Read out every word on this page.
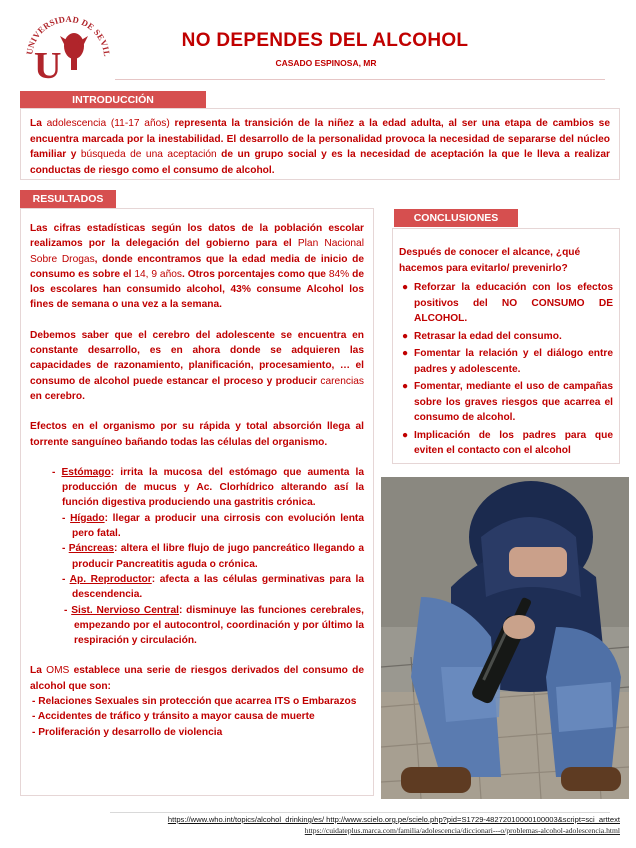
UNIVERSIDAD DE SEVIL
U
NO DEPENDES DEL ALCOHOL
CASADO ESPINOSA, MR
INTRODUCCIÓN

La adolescencia (11-17 años) representa la transición de la niñez a la edad adulta, al ser una etapa de cambios se encuentra marcada por la inestabilidad. El desarrollo de la personalidad provoca la necesidad de separarse del núcleo familiar y búsqueda de una aceptación de un grupo social y es la necesidad de aceptación la que le lleva a realizar conductas de riesgo como el consumo de alcohol.

RESULTADOS

Las cifras estadísticas según los datos de la población escolar realizamos por la delegación del gobierno para el Plan Nacional Sobre Drogas, donde encontramos que la edad media de inicio de consumo es sobre el 14, 9 años. Otros porcentajes como que 84% de los escolares han consumido alcohol, 43% consume Alcohol los fines de semana o una vez a la semana.

Debemos saber que el cerebro del adolescente se encuentra en constante desarrollo, es en ahora donde se adquieren las capacidades de razonamiento, planificación, procesamiento, … el consumo de alcohol puede estancar el proceso y producir carencias en cerebro.

Efectos en el organismo por su rápida y total absorción llega al torrente sanguíneo bañando todas las células del organismo.

- Estómago: irrita la mucosa del estómago que aumenta la producción de mucus y Ac. Clorhídrico alterando así la función digestiva produciendo una gastritis crónica.
- Hígado: llegar a producir una cirrosis con evolución lenta pero fatal.
- Páncreas: altera el libre flujo de jugo pancreático llegando a producir Pancreatitis aguda o crónica.
- Ap. Reproductor: afecta a las células germinativas para la descendencia.
- Sist. Nervioso Central: disminuye las funciones cerebrales, empezando por el autocontrol, coordinación y por último la respiración y circulación.

La OMS establece una serie de riesgos derivados del consumo de alcohol que son:

- Relaciones Sexuales sin protección que acarrea ITS o Embarazos
- Accidentes de tráfico y tránsito a mayor causa de muerte
- Proliferación y desarrollo de violencia
CONCLUSIONES

Después de conocer el alcance, ¿qué hacemos para evitarlo/ prevenirlo?

● Reforzar la educación con los efectos positivos del NO CONSUMO DE ALCOHOL.
● Retrasar la edad del consumo.
● Fomentar la relación y el diálogo entre padres y adolescente.
● Fomentar, mediante el uso de campañas sobre los graves riesgos que acarrea el consumo de alcohol.
● Implicación de los padres para que eviten el contacto con el alcohol
https://www.who.int/topics/alcohol_drinking/es/ http://www.scielo.org.pe/scielo.php?pid=S1729-48272010000100003&script=sci_arttext
https://cuidateplus.marca.com/familia/adolescencia/diccionari---o/problemas-alcohol-adolescencia.html
